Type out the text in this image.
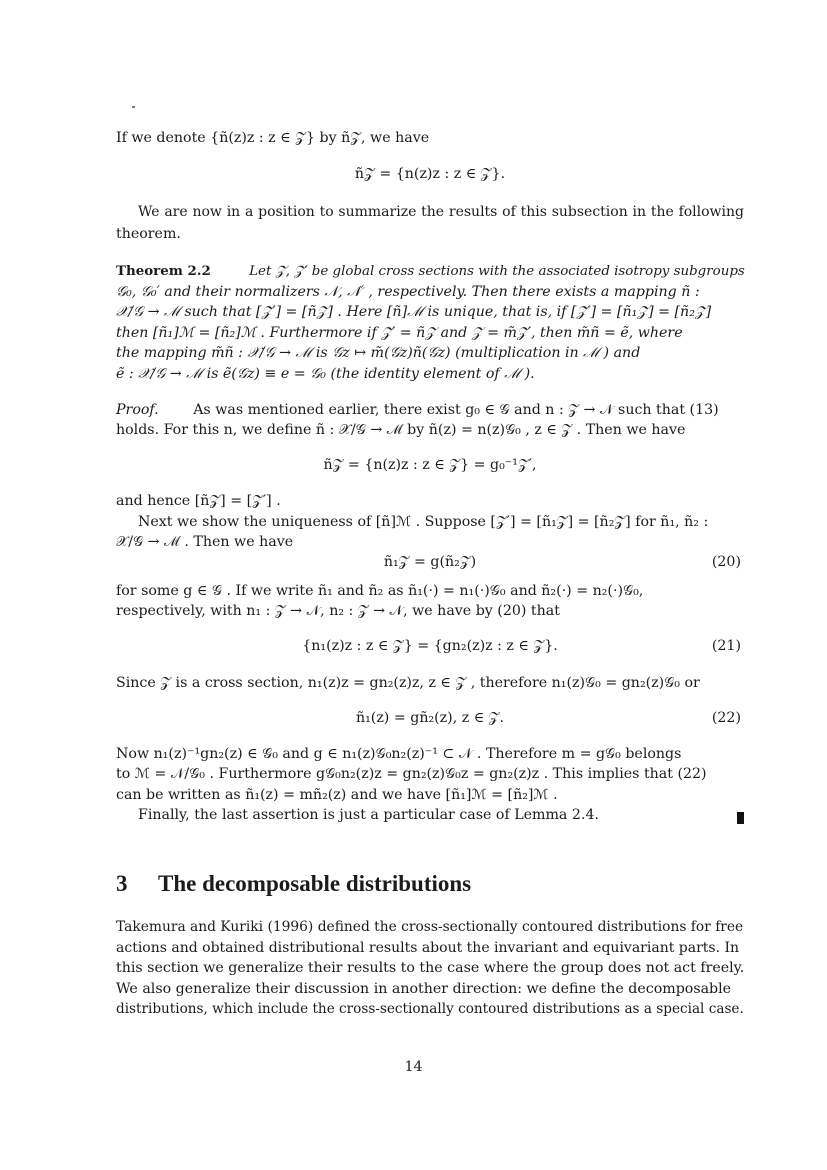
If we denote {ñ(z)z : z ∈ 𝒵} by ñ𝒵, we have
ñ𝒵 = {n(z)z : z ∈ 𝒵}.
We are now in a position to summarize the results of this subsection in the following
theorem.
Theorem 2.2	Let 𝒵, 𝒵′ be global cross sections with the associated isotropy subgroups
𝒢₀, 𝒢₀′ and their normalizers 𝒩, 𝒩′ , respectively. Then there exists a mapping ñ :
𝒳/𝒢 → ℳ such that [𝒵′] = [ñ𝒵] . Here [ñ]ℳ is unique, that is, if [𝒵′] = [ñ₁𝒵] = [ñ₂𝒵]
then [ñ₁]ℳ = [ñ₂]ℳ . Furthermore if 𝒵′ = ñ𝒵 and 𝒵 = m̃𝒵′, then m̃ñ = ẽ, where
the mapping m̃ñ : 𝒳/𝒢 → ℳ is 𝒢z ↦ m̃(𝒢z)ñ(𝒢z) (multiplication in ℳ ) and
ẽ : 𝒳/𝒢 → ℳ is ẽ(𝒢z) ≡ e = 𝒢₀ (the identity element of ℳ ).
Proof. As was mentioned earlier, there exist g₀ ∈ 𝒢 and n : 𝒵 → 𝒩 such that (13)
holds. For this n, we define ñ : 𝒳/𝒢 → ℳ by ñ(z) = n(z)𝒢₀ , z ∈ 𝒵 . Then we have
ñ𝒵 = {n(z)z : z ∈ 𝒵} = g₀⁻¹𝒵′,
and hence [ñ𝒵] = [𝒵′] .
Next we show the uniqueness of [ñ]ℳ . Suppose [𝒵′] = [ñ₁𝒵] = [ñ₂𝒵] for ñ₁, ñ₂ :
𝒳/𝒢 → ℳ . Then we have
ñ₁𝒵 = g(ñ₂𝒵)	(20)
for some g ∈ 𝒢 . If we write ñ₁ and ñ₂ as ñ₁(·) = n₁(·)𝒢₀ and ñ₂(·) = n₂(·)𝒢₀,
respectively, with n₁ : 𝒵 → 𝒩, n₂ : 𝒵 → 𝒩, we have by (20) that
{n₁(z)z : z ∈ 𝒵} = {gn₂(z)z : z ∈ 𝒵}.	(21)
Since 𝒵 is a cross section, n₁(z)z = gn₂(z)z, z ∈ 𝒵 , therefore n₁(z)𝒢₀ = gn₂(z)𝒢₀ or
ñ₁(z) = gñ₂(z), z ∈ 𝒵.	(22)
Now n₁(z)⁻¹gn₂(z) ∈ 𝒢₀ and g ∈ n₁(z)𝒢₀n₂(z)⁻¹ ⊂ 𝒩 . Therefore m = g𝒢₀ belongs
to ℳ = 𝒩/𝒢₀ . Furthermore g𝒢₀n₂(z)z = gn₂(z)𝒢₀z = gn₂(z)z . This implies that (22)
can be written as ñ₁(z) = mñ₂(z) and we have [ñ₁]ℳ = [ñ₂]ℳ .
Finally, the last assertion is just a particular case of Lemma 2.4.
3 The decomposable distributions
Takemura and Kuriki (1996) defined the cross-sectionally contoured distributions for free
actions and obtained distributional results about the invariant and equivariant parts. In
this section we generalize their results to the case where the group does not act freely.
We also generalize their discussion in another direction: we define the decomposable
distributions, which include the cross-sectionally contoured distributions as a special case.
14
